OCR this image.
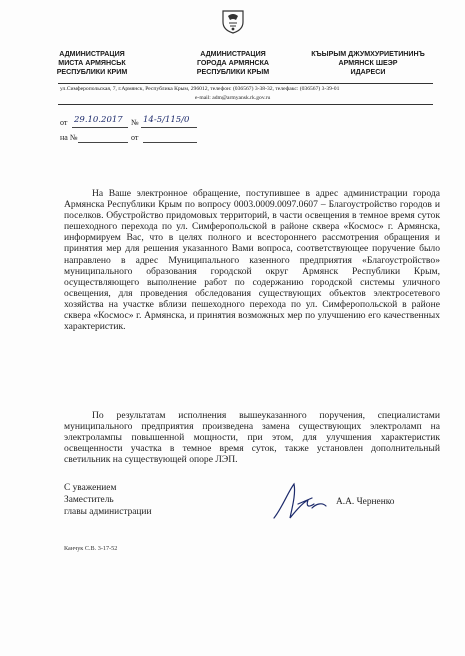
АДМИНИСТРАЦИЯ
МИСТА АРМЯНСЬК
РЕСПУБЛИКИ КРИМ
АДМИНИСТРАЦИЯ
ГОРОДА АРМЯНСКА
РЕСПУБЛИКИ КРЫМ
КЪЫРЫМ ДЖУМХУРИЕТИНИНЪ
АРМЯНСК ШЕЭР
ИДАРЕСИ
ул.Симферопольская, 7, г.Армянск, Республика Крым, 296012, телефон: (036567) 3-38-32, телефакс: (036567) 3-39-01
e-mail: adm@armyansk.rk.gov.ru
от 29.10.2017 № 14-5/115/0
на №	от

На Ваше электронное обращение, поступившее в адрес администрации города Армянска Республики Крым по вопросу 0003.0009.0097.0607 – Благоустройство городов и поселков. Обустройство придомовых территорий, в части освещения в темное время суток пешеходного перехода по ул. Симферопольской в районе сквера «Космос» г. Армянска, информируем Вас, что в целях полного и всестороннего рассмотрения обращения и принятия мер для решения указанного Вами вопроса, соответствующее поручение было направлено в адрес Муниципального казенного предприятия «Благоустройство» муниципального образования городской округ Армянск Республики Крым, осуществляющего выполнение работ по содержанию городской системы уличного освещения, для проведения обследования существующих объектов электросетевого хозяйства на участке вблизи пешеходного перехода по ул. Симферопольской в районе сквера «Космос» г. Армянска, и принятия возможных мер по улучшению его качественных характеристик.

По результатам исполнения вышеуказанного поручения, специалистами муниципального предприятия произведена замена существующих электроламп на электролампы повышенной мощности, при этом, для улучшения характеристик освещенности участка в темное время суток, также установлен дополнительный светильник на существующей опоре ЛЭП.

С уважением
Заместитель
главы администрации
А.А. Черненко
Канчук С.В. 3-17-52
